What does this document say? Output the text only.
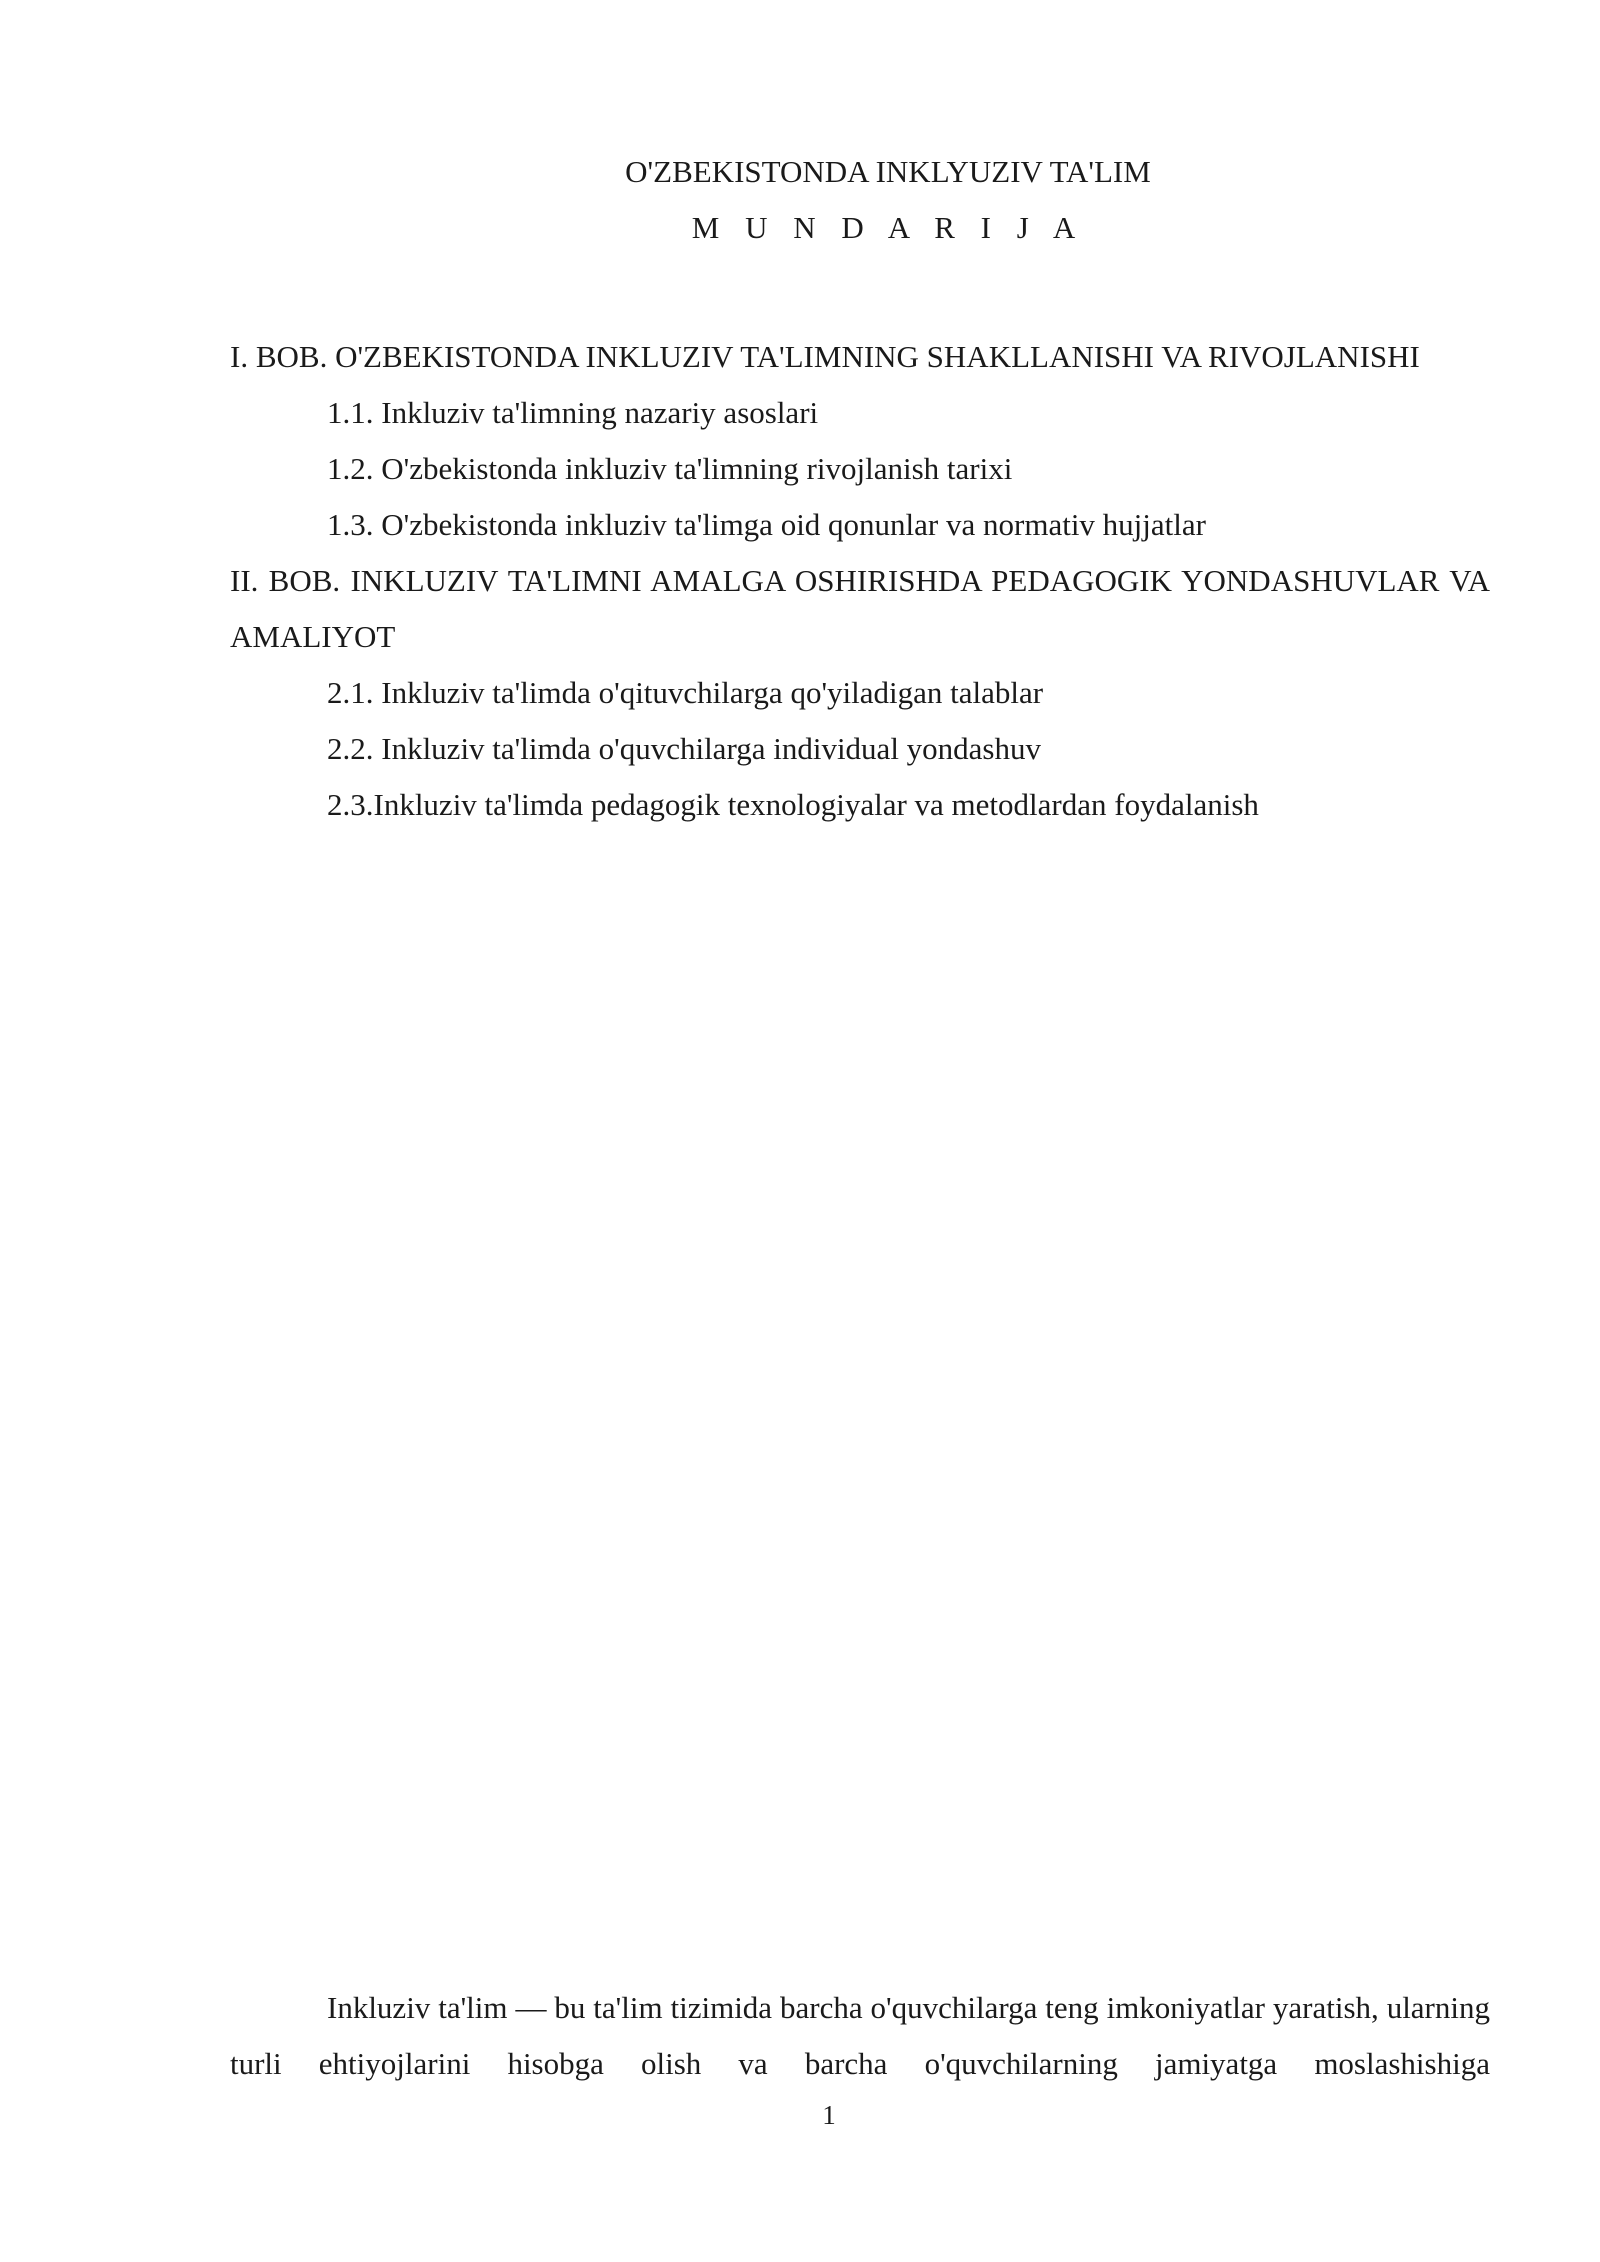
O'ZBEKISTONDA INKLYUZIV TA'LIM
M U N D A R I J A
I. BOB. O'ZBEKISTONDA INKLUZIV TA'LIMNING SHAKLLANISHI VA RIVOJLANISHI
1.1. Inkluziv ta'limning nazariy asoslari
1.2. O'zbekistonda inkluziv ta'limning rivojlanish tarixi
1.3. O'zbekistonda inkluziv ta'limga oid qonunlar va normativ hujjatlar
II. BOB. INKLUZIV TA'LIMNI AMALGA OSHIRISHDA PEDAGOGIK YONDASHUVLAR VA AMALIYOT
2.1. Inkluziv ta'limda o'qituvchilarga qo'yiladigan talablar
2.2. Inkluziv ta'limda o'quvchilarga individual yondashuv
2.3.Inkluziv ta'limda pedagogik texnologiyalar va metodlardan foydalanish

Inkluziv ta'lim — bu ta'lim tizimida barcha o'quvchilarga teng imkoniyatlar yaratish, ularning turli ehtiyojlarini hisobga olish va barcha o'quvchilarning jamiyatga moslashishiga

1
